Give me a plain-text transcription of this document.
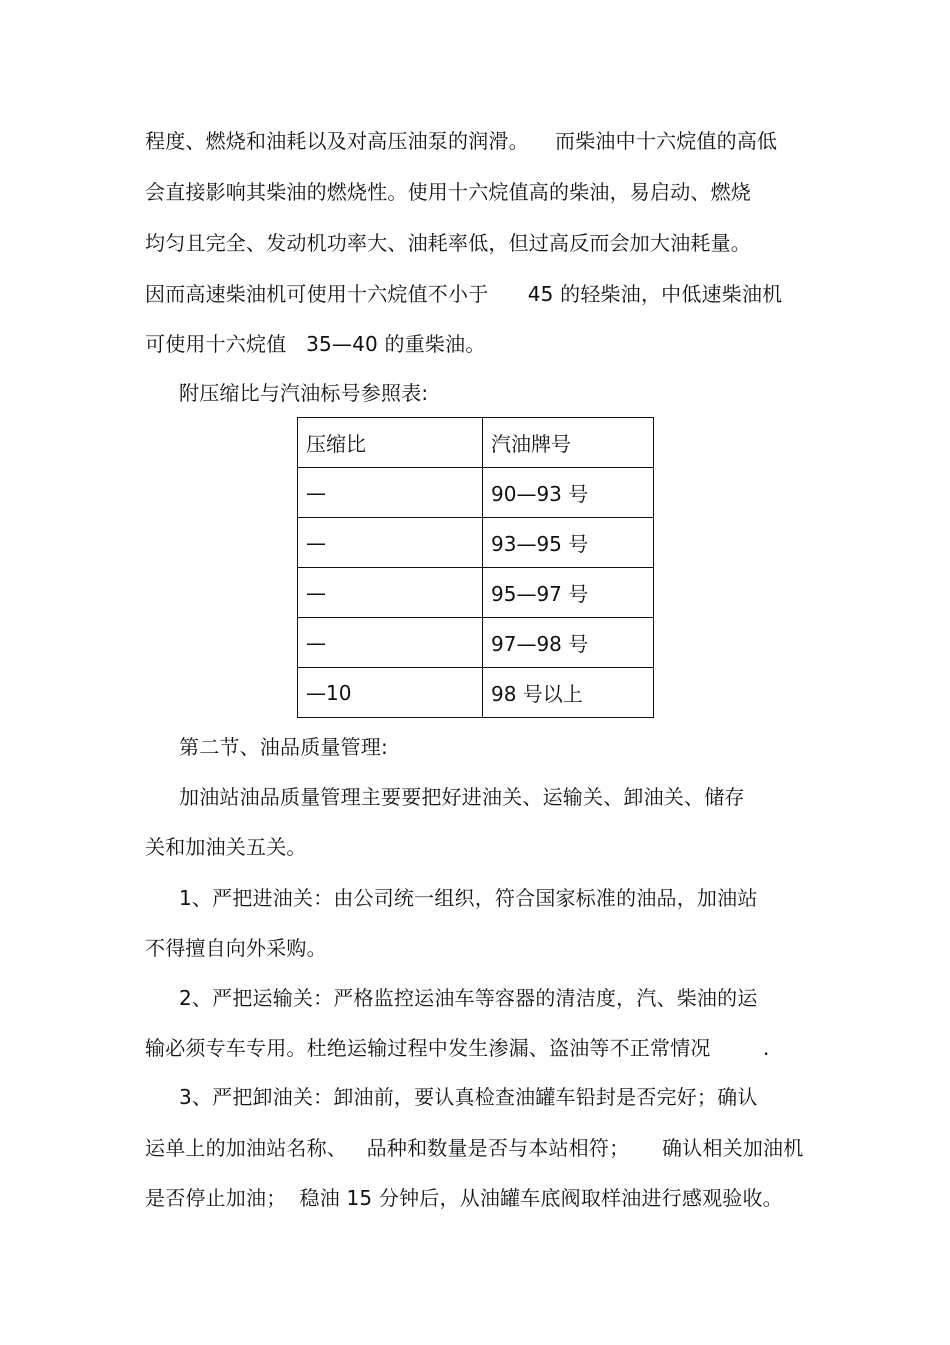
程度、燃烧和油耗以及对高压油泵的润滑。    而柴油中十六烷值的高低
会直接影响其柴油的燃烧性。使用十六烷值高的柴油，易启动、燃烧
均匀且完全、发动机功率大、油耗率低，但过高反而会加大油耗量。
因而高速柴油机可使用十六烷值不小于      45 的轻柴油，中低速柴油机
可使用十六烷值   35—40 的重柴油。
附压缩比与汽油标号参照表:
压缩比	汽油牌号
—	90—93 号
—	93—95 号
—	95—97 号
—	97—98 号
—10	98 号以上
第二节、油品质量管理:
加油站油品质量管理主要要把好进油关、运输关、卸油关、储存
关和加油关五关。
1、严把进油关：由公司统一组织，符合国家标准的油品，加油站
不得擅自向外采购。
2、严把运输关：严格监控运油车等容器的清洁度，汽、柴油的运
输必须专车专用。杜绝运输过程中发生渗漏、盗油等不正常情况        .
3、严把卸油关：卸油前，要认真检查油罐车铅封是否完好；确认
运单上的加油站名称、   品种和数量是否与本站相符；     确认相关加油机
是否停止加油；  稳油 15 分钟后，从油罐车底阀取样油进行感观验收。
